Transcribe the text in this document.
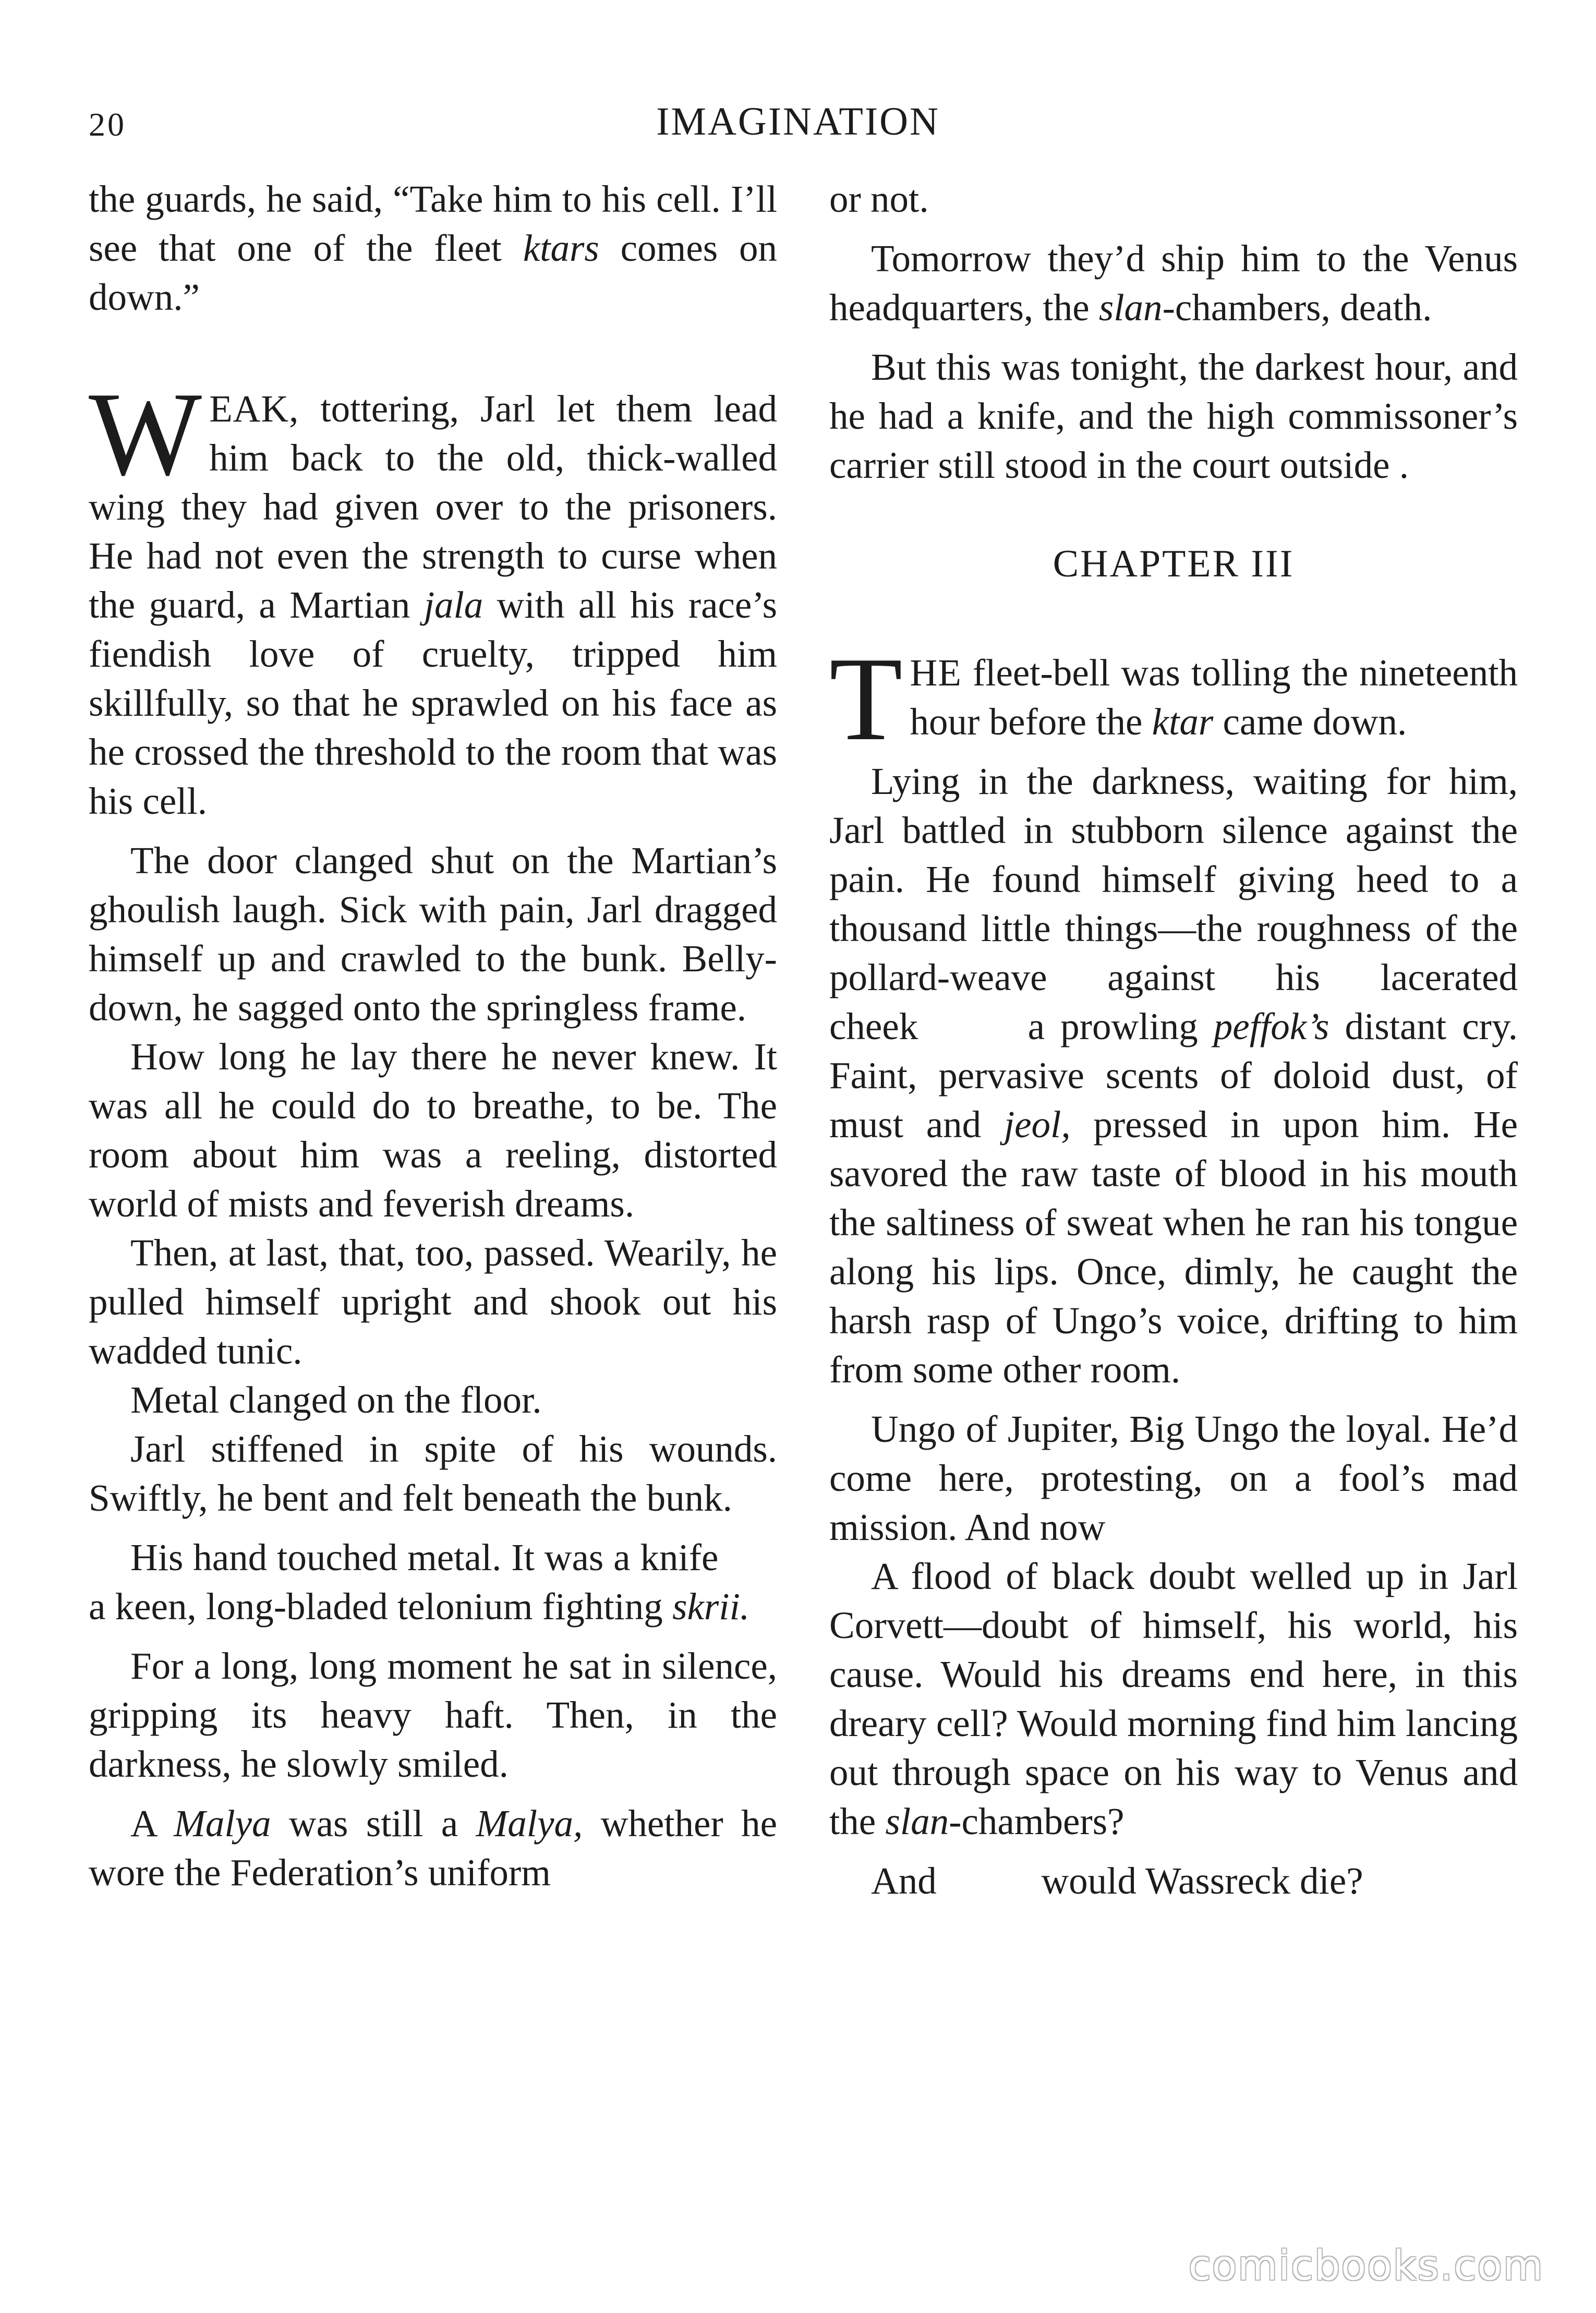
20	IMAGINATION

the guards, he said, “Take him to his cell. I’ll see that one of the fleet ktars comes on down.”

WEAK, tottering, Jarl let them lead him back to the old, thick-walled wing they had given over to the prisoners. He had not even the strength to curse when the guard, a Martian jala with all his race’s fiendish love of cruelty, tripped him skillfully, so that he sprawled on his face as he crossed the threshold to the room that was his cell.

The door clanged shut on the Martian’s ghoulish laugh. Sick with pain, Jarl dragged himself up and crawled to the bunk. Belly-down, he sagged onto the springless frame.

How long he lay there he never knew. It was all he could do to breathe, to be. The room about him was a reeling, distorted world of mists and feverish dreams.

Then, at last, that, too, passed. Wearily, he pulled himself upright and shook out his wadded tunic.

Metal clanged on the floor.

Jarl stiffened in spite of his wounds. Swiftly, he bent and felt beneath the bunk.

His hand touched metal. It was a knife       a keen, long-bladed telonium fighting skrii.

For a long, long moment he sat in silence, gripping its heavy haft. Then, in the darkness, he slowly smiled.

A Malya was still a Malya, whether he wore the Federation’s uniform

or not.

Tomorrow they’d ship him to the Venus headquarters, the slan-chambers, death.

But this was tonight, the darkest hour, and he had a knife, and the high commissoner’s carrier still stood in the court outside .

CHAPTER III

THE fleet-bell was tolling the nineteenth hour before the ktar came down.

Lying in the darkness, waiting for him, Jarl battled in stubborn silence against the pain. He found himself giving heed to a thousand little things—the roughness of the pollard-weave against his lacerated cheek       a prowling peffok’s distant cry. Faint, pervasive scents of doloid dust, of must and jeol, pressed in upon him. He savored the raw taste of blood in his mouth the saltiness of sweat when he ran his tongue along his lips. Once, dimly, he caught the harsh rasp of Ungo’s voice, drifting to him from some other room.

Ungo of Jupiter, Big Ungo the loyal. He’d come here, protesting, on a fool’s mad mission. And now

A flood of black doubt welled up in Jarl Corvett—doubt of himself, his world, his cause. Would his dreams end here, in this dreary cell? Would morning find him lancing out through space on his way to Venus and the slan-chambers?

And           would Wassreck die?

comicbooks.com
